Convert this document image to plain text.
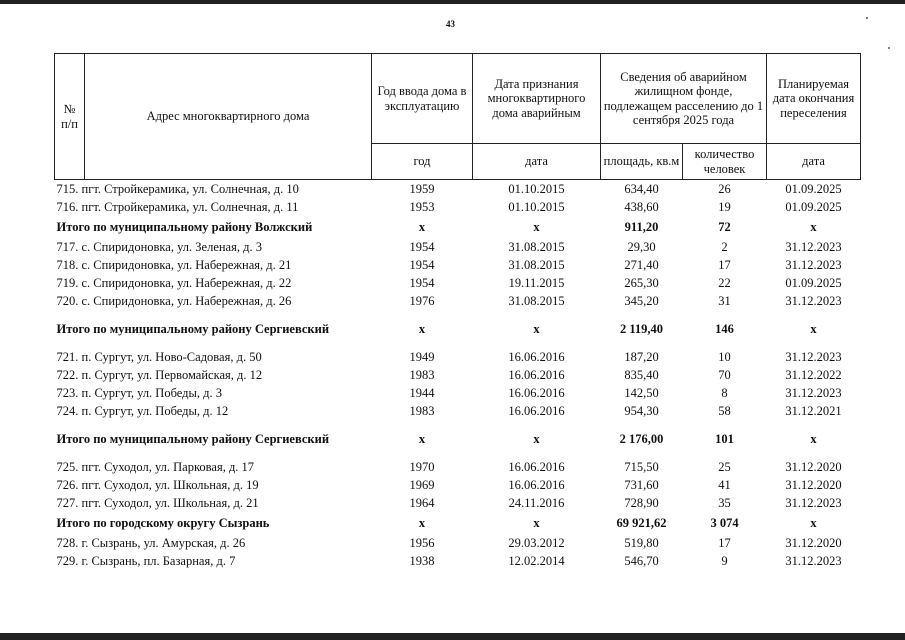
43
№ п/п	Адрес многоквартирного дома	Год ввода дома в эксплуатацию	Дата признания многоквартирного дома аварийным	Сведения об аварийном жилищном фонде, подлежащем расселению до 1 сентября 2025 года		Планируемая дата окончания переселения
		год	дата	площадь, кв.м	количество человек	дата
715. пгт. Стройкерамика, ул. Солнечная, д. 10		1959	01.10.2015	634,40	26	01.09.2025
716. пгт. Стройкерамика, ул. Солнечная, д. 11		1953	01.10.2015	438,60	19	01.09.2025
Итого по муниципальному району Волжский		x	x	911,20	72	x
717. с. Спиридоновка, ул. Зеленая, д. 3		1954	31.08.2015	29,30	2	31.12.2023
718. с. Спиридоновка, ул. Набережная, д. 21		1954	31.08.2015	271,40	17	31.12.2023
719. с. Спиридоновка, ул. Набережная, д. 22		1954	19.11.2015	265,30	22	01.09.2025
720. с. Спиридоновка, ул. Набережная, д. 26		1976	31.08.2015	345,20	31	31.12.2023

Итого по муниципальному району Сергиевский		x	x	2 119,40	146	x

721. п. Сургут, ул. Ново-Садовая, д. 50		1949	16.06.2016	187,20	10	31.12.2023
722. п. Сургут, ул. Первомайская, д. 12		1983	16.06.2016	835,40	70	31.12.2022
723. п. Сургут, ул. Победы, д. 3		1944	16.06.2016	142,50	8	31.12.2023
724. п. Сургут, ул. Победы, д. 12		1983	16.06.2016	954,30	58	31.12.2021

Итого по муниципальному району Сергиевский		x	x	2 176,00	101	x

725. пгт. Суходол, ул. Парковая, д. 17		1970	16.06.2016	715,50	25	31.12.2020
726. пгт. Суходол, ул. Школьная, д. 19		1969	16.06.2016	731,60	41	31.12.2020
727. пгт. Суходол, ул. Школьная, д. 21		1964	24.11.2016	728,90	35	31.12.2023
Итого по городскому округу Сызрань		x	x	69 921,62	3 074	x
728. г. Сызрань, ул. Амурская, д. 26		1956	29.03.2012	519,80	17	31.12.2020
729. г. Сызрань, пл. Базарная, д. 7		1938	12.02.2014	546,70	9	31.12.2023
